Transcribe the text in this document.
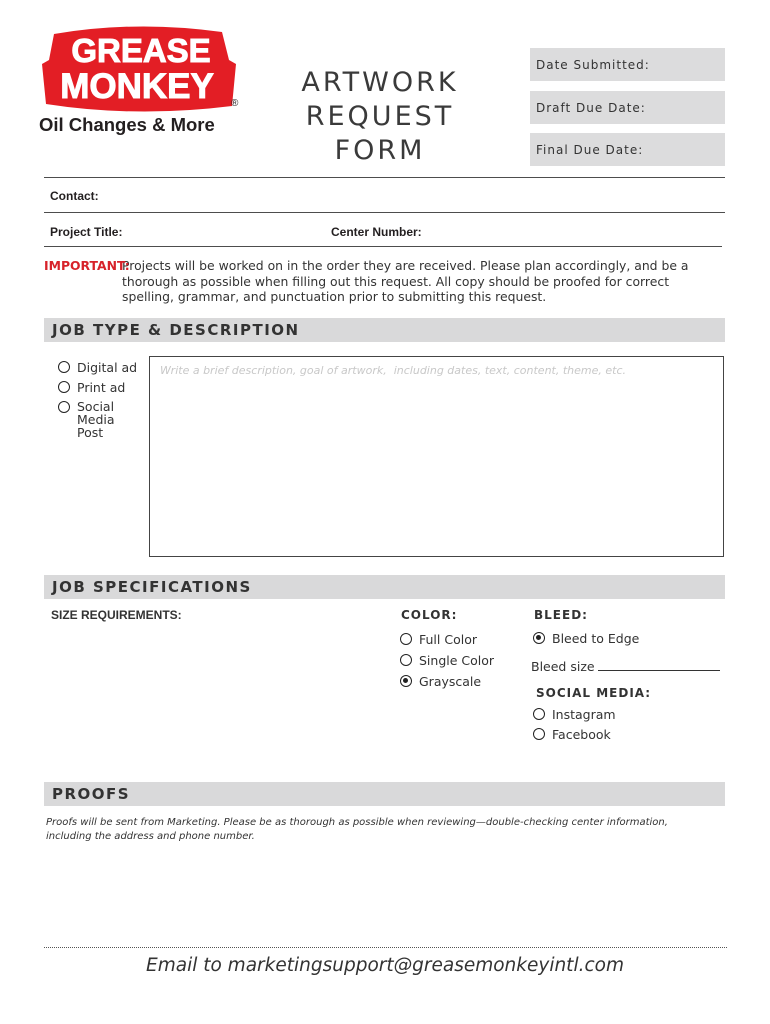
GREASE
MONKEY ®
Oil Changes & More
ARTWORK
REQUEST FORM
Date Submitted:
Draft Due Date:
Final Due Date:
Contact:
Project Title:	Center Number:
IMPORTANT:
Projects will be worked on in the order they are received. Please plan accordingly, and be a thorough as possible when filling out this request. All copy should be proofed for correct spelling, grammar, and punctuation prior to submitting this request.
JOB TYPE & DESCRIPTION
Digital ad
Print ad
Social
Media
Post
Write a brief description, goal of artwork, including dates, text, content, theme, etc.
JOB SPECIFICATIONS
SIZE REQUIREMENTS:	COLOR:
Full Color
Single Color
Grayscale
BLEED:
Bleed to Edge
Bleed size
SOCIAL MEDIA:
Instagram
Facebook
PROOFS
Proofs will be sent from Marketing. Please be as thorough as possible when reviewing—double-checking center information, including the address and phone number.
Email to marketingsupport@greasemonkeyintl.com
